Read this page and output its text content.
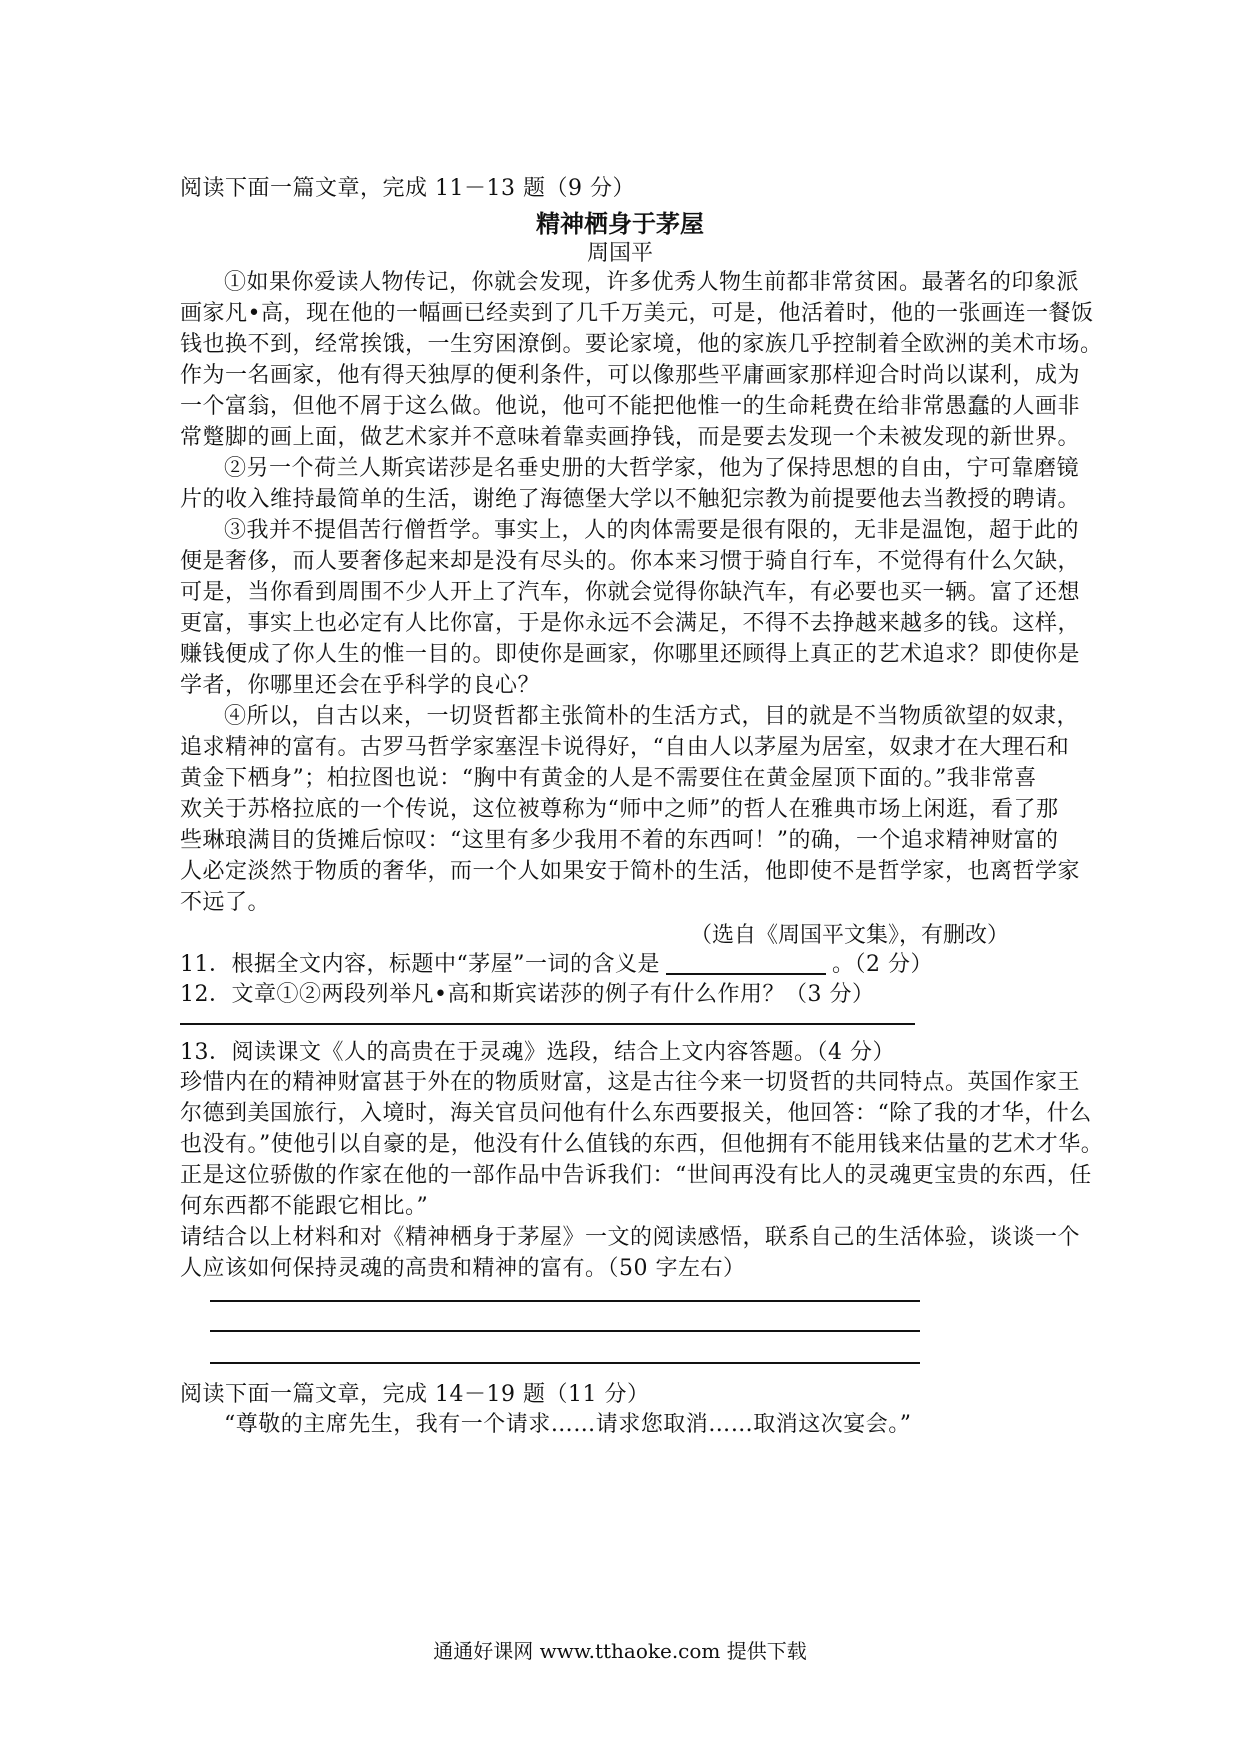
阅读下面一篇文章，完成 11－13 题（9 分）
精神栖身于茅屋
周国平
①如果你爱读人物传记，你就会发现，许多优秀人物生前都非常贫困。最著名的印象派
画家凡•高，现在他的一幅画已经卖到了几千万美元，可是，他活着时，他的一张画连一餐饭
钱也换不到，经常挨饿，一生穷困潦倒。要论家境，他的家族几乎控制着全欧洲的美术市场。
作为一名画家，他有得天独厚的便利条件，可以像那些平庸画家那样迎合时尚以谋利，成为
一个富翁，但他不屑于这么做。他说，他可不能把他惟一的生命耗费在给非常愚蠢的人画非
常蹩脚的画上面，做艺术家并不意味着靠卖画挣钱，而是要去发现一个未被发现的新世界。
②另一个荷兰人斯宾诺莎是名垂史册的大哲学家，他为了保持思想的自由，宁可靠磨镜
片的收入维持最简单的生活，谢绝了海德堡大学以不触犯宗教为前提要他去当教授的聘请。
③我并不提倡苦行僧哲学。事实上，人的肉体需要是很有限的，无非是温饱，超于此的
便是奢侈，而人要奢侈起来却是没有尽头的。你本来习惯于骑自行车，不觉得有什么欠缺，
可是，当你看到周围不少人开上了汽车，你就会觉得你缺汽车，有必要也买一辆。富了还想
更富，事实上也必定有人比你富，于是你永远不会满足，不得不去挣越来越多的钱。这样，
赚钱便成了你人生的惟一目的。即使你是画家，你哪里还顾得上真正的艺术追求？即使你是
学者，你哪里还会在乎科学的良心？
④所以，自古以来，一切贤哲都主张简朴的生活方式，目的就是不当物质欲望的奴隶，
追求精神的富有。古罗马哲学家塞涅卡说得好，“自由人以茅屋为居室，奴隶才在大理石和
黄金下栖身”；柏拉图也说：“胸中有黄金的人是不需要住在黄金屋顶下面的。”我非常喜
欢关于苏格拉底的一个传说，这位被尊称为“师中之师”的哲人在雅典市场上闲逛，看了那
些琳琅满目的货摊后惊叹：“这里有多少我用不着的东西呵！”的确，一个追求精神财富的
人必定淡然于物质的奢华，而一个人如果安于简朴的生活，他即使不是哲学家，也离哲学家
不远了。
（选自《周国平文集》，有删改）
11．根据全文内容，标题中“茅屋”一词的含义是	。（2 分）
12．文章①②两段列举凡•高和斯宾诺莎的例子有什么作用？（3 分）
13．阅读课文《人的高贵在于灵魂》选段，结合上文内容答题。（4 分）
珍惜内在的精神财富甚于外在的物质财富，这是古往今来一切贤哲的共同特点。英国作家王
尔德到美国旅行，入境时，海关官员问他有什么东西要报关，他回答：“除了我的才华，什么
也没有。”使他引以自豪的是，他没有什么值钱的东西，但他拥有不能用钱来估量的艺术才华。
正是这位骄傲的作家在他的一部作品中告诉我们：“世间再没有比人的灵魂更宝贵的东西，任
何东西都不能跟它相比。”
请结合以上材料和对《精神栖身于茅屋》一文的阅读感悟，联系自己的生活体验，谈谈一个
人应该如何保持灵魂的高贵和精神的富有。（50 字左右）
阅读下面一篇文章，完成 14－19 题（11 分）
“尊敬的主席先生，我有一个请求……请求您取消……取消这次宴会。”
通通好课网 www.tthaoke.com 提供下载
